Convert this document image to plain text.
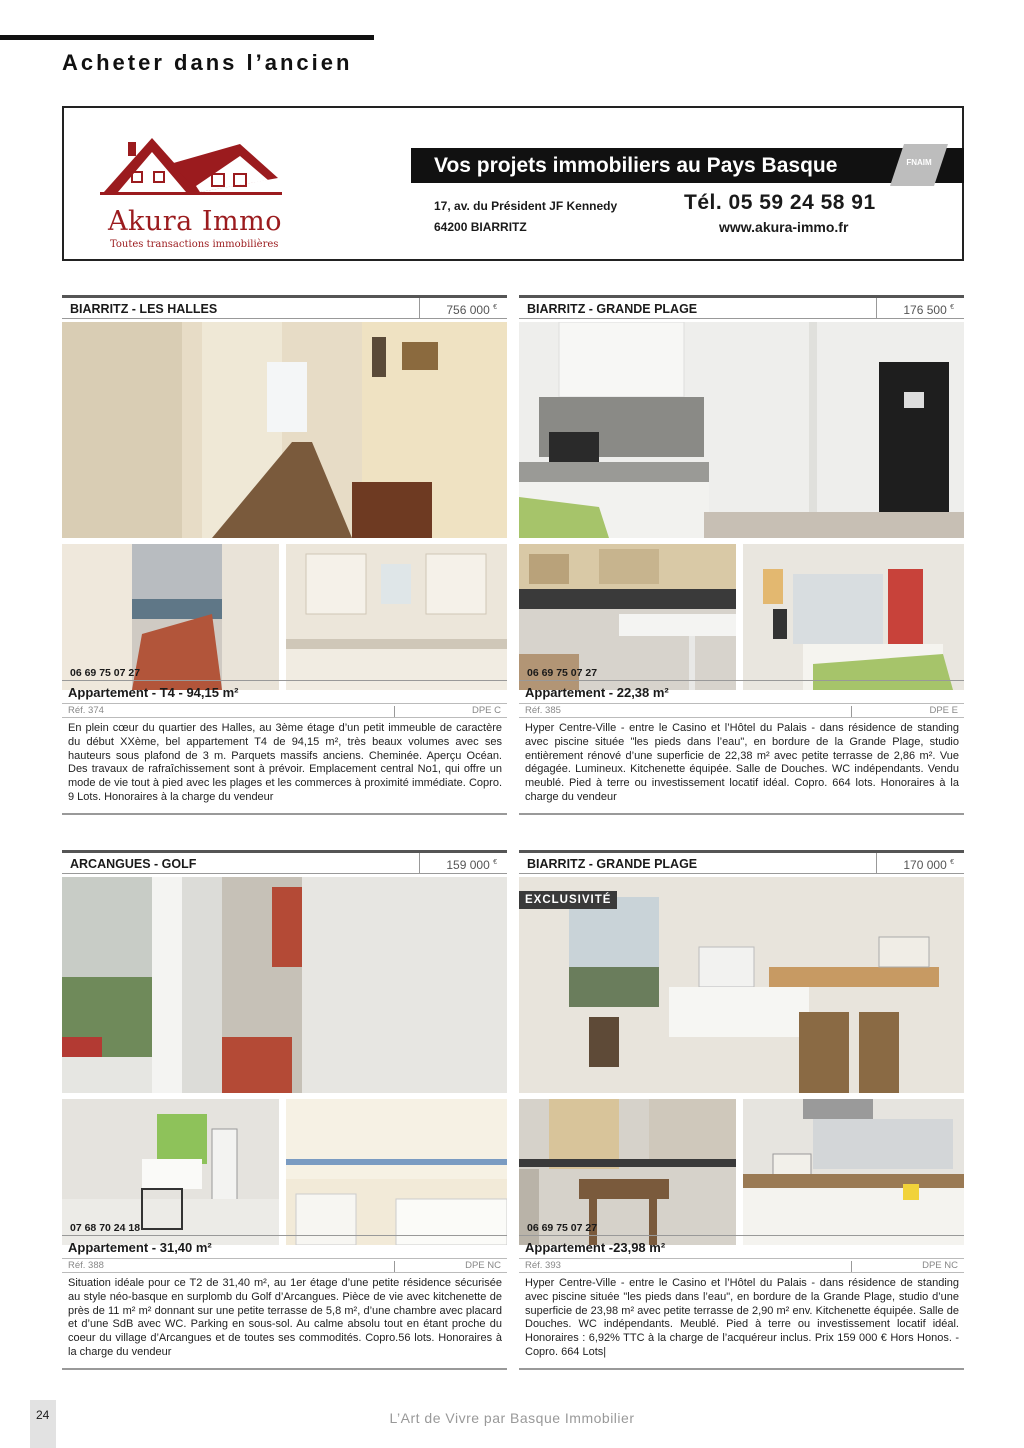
Acheter dans l’ancien
Akura Immo
Toutes transactions immobilières
Vos projets immobiliers au Pays Basque	FNAIM
17, av. du Président JF Kennedy
64200 BIARRITZ
Tél. 05 59 24 58 91
www.akura-immo.fr
BIARRITZ - LES HALLES	756 000 €
06 69 75 07 27
Appartement - T4 - 94,15 m²
Réf. 374	DPE C
En plein cœur du quartier des Halles, au 3ème étage d’un petit immeuble de caractère du début XXème, bel appartement T4 de 94,15 m², très beaux volumes avec ses hauteurs sous plafond de 3 m. Parquets massifs anciens. Cheminée. Aperçu Océan. Des travaux de rafraîchissement sont à prévoir. Emplacement central No1, qui offre un mode de vie tout à pied avec les plages et les commerces à proximité immédiate. Copro. 9 Lots. Honoraires à la charge du vendeur
BIARRITZ - GRANDE PLAGE	176 500 €
06 69 75 07 27
Appartement - 22,38 m²
Réf. 385	DPE E
Hyper Centre-Ville - entre le Casino et l’Hôtel du Palais - dans résidence de standing avec piscine située "les pieds dans l’eau", en bordure de la Grande Plage, studio entièrement rénové d’une superficie de 22,38 m² avec petite terrasse de 2,86 m². Vue dégagée. Lumineux. Kitchenette équipée. Salle de Douches. WC indépendants. Vendu meublé. Pied à terre ou investissement locatif idéal. Copro. 664 lots. Honoraires à la charge du vendeur
ARCANGUES - GOLF	159 000 €
07 68 70 24 18
Appartement - 31,40 m²
Réf. 388	DPE NC
Situation idéale pour ce T2 de 31,40 m², au 1er étage d’une petite résidence sécurisée au style néo-basque en surplomb du Golf d’Arcangues. Pièce de vie avec kitchenette de près de 11 m² m² donnant sur une petite terrasse de 5,8 m², d’une chambre avec placard et d’une SdB avec WC. Parking en sous-sol. Au calme absolu tout en étant proche du coeur du village d’Arcangues et de toutes ses commodités. Copro.56 lots. Honoraires à la charge du vendeur
BIARRITZ - GRANDE PLAGE	170 000 €
EXCLUSIVITÉ
06 69 75 07 27
Appartement -23,98 m²
Réf. 393	DPE NC
Hyper Centre-Ville - entre le Casino et l’Hôtel du Palais - dans résidence de standing avec piscine située "les pieds dans l’eau", en bordure de la Grande Plage, studio d’une superficie de 23,98 m² avec petite terrasse de 2,90 m² env. Kitchenette équipée. Salle de Douches. WC indépendants. Meublé. Pied à terre ou investissement locatif idéal. Honoraires : 6,92% TTC à la charge de l’acquéreur inclus. Prix 159 000 € Hors Honos. - Copro. 664 Lots|
24	L’Art de Vivre par Basque Immobilier
